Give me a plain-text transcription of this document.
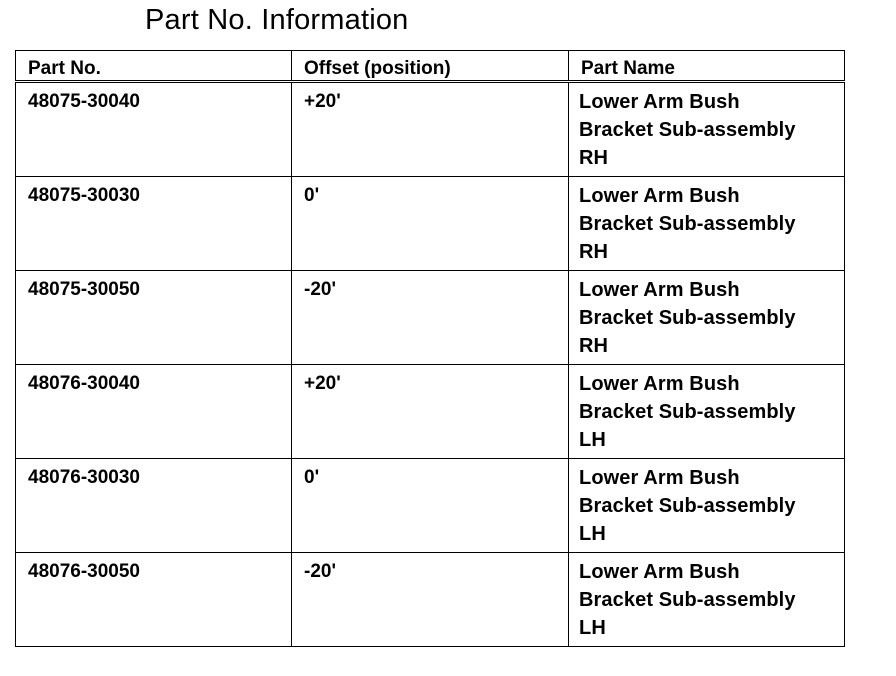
Part No. Information
Part No.	Offset (position)	Part Name
48075-30040	+20'	Lower Arm Bush
Bracket Sub-assembly
RH

48075-30030	0'	Lower Arm Bush
Bracket Sub-assembly
RH

48075-30050	-20'	Lower Arm Bush
Bracket Sub-assembly
RH

48076-30040	+20'	Lower Arm Bush
Bracket Sub-assembly
LH

48076-30030	0'	Lower Arm Bush
Bracket Sub-assembly
LH

48076-30050	-20'	Lower Arm Bush
Bracket Sub-assembly
LH
